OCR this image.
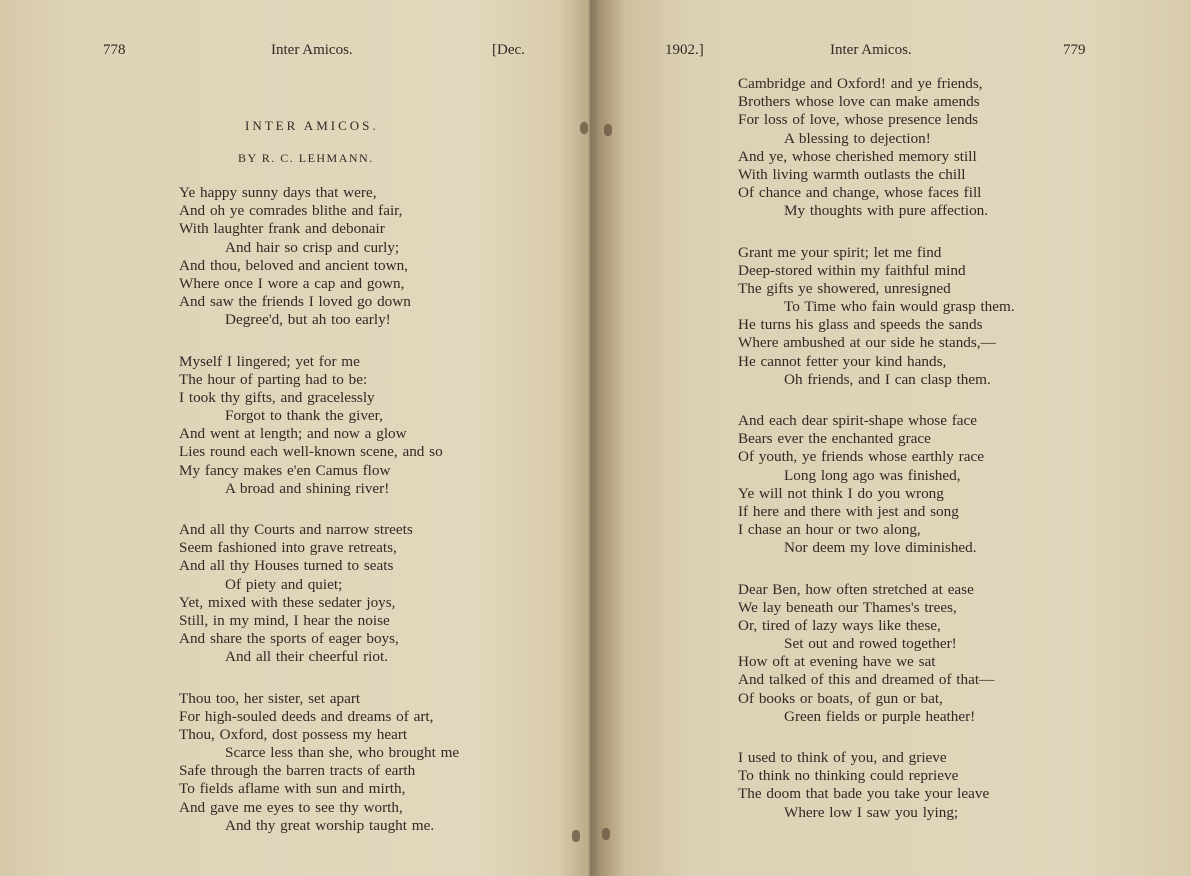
778	Inter Amicos.	[Dec.
INTER AMICOS.
BY R. C. LEHMANN.
Ye happy sunny days that were,
And oh ye comrades blithe and fair,
With laughter frank and debonair
And hair so crisp and curly;
And thou, beloved and ancient town,
Where once I wore a cap and gown,
And saw the friends I loved go down
Degree'd, but ah too early!
Myself I lingered; yet for me
The hour of parting had to be:
I took thy gifts, and gracelessly
Forgot to thank the giver,
And went at length; and now a glow
Lies round each well-known scene, and so
My fancy makes e'en Camus flow
A broad and shining river!
And all thy Courts and narrow streets
Seem fashioned into grave retreats,
And all thy Houses turned to seats
Of piety and quiet;
Yet, mixed with these sedater joys,
Still, in my mind, I hear the noise
And share the sports of eager boys,
And all their cheerful riot.
Thou too, her sister, set apart
For high-souled deeds and dreams of art,
Thou, Oxford, dost possess my heart
Scarce less than she, who brought me
Safe through the barren tracts of earth
To fields aflame with sun and mirth,
And gave me eyes to see thy worth,
And thy great worship taught me.
1902.]	Inter Amicos.	779
Cambridge and Oxford! and ye friends,
Brothers whose love can make amends
For loss of love, whose presence lends
A blessing to dejection!
And ye, whose cherished memory still
With living warmth outlasts the chill
Of chance and change, whose faces fill
My thoughts with pure affection.
Grant me your spirit; let me find
Deep-stored within my faithful mind
The gifts ye showered, unresigned
To Time who fain would grasp them.
He turns his glass and speeds the sands
Where ambushed at our side he stands,—
He cannot fetter your kind hands,
Oh friends, and I can clasp them.
And each dear spirit-shape whose face
Bears ever the enchanted grace
Of youth, ye friends whose earthly race
Long long ago was finished,
Ye will not think I do you wrong
If here and there with jest and song
I chase an hour or two along,
Nor deem my love diminished.
Dear Ben, how often stretched at ease
We lay beneath our Thames's trees,
Or, tired of lazy ways like these,
Set out and rowed together!
How oft at evening have we sat
And talked of this and dreamed of that—
Of books or boats, of gun or bat,
Green fields or purple heather!
I used to think of you, and grieve
To think no thinking could reprieve
The doom that bade you take your leave
Where low I saw you lying;
